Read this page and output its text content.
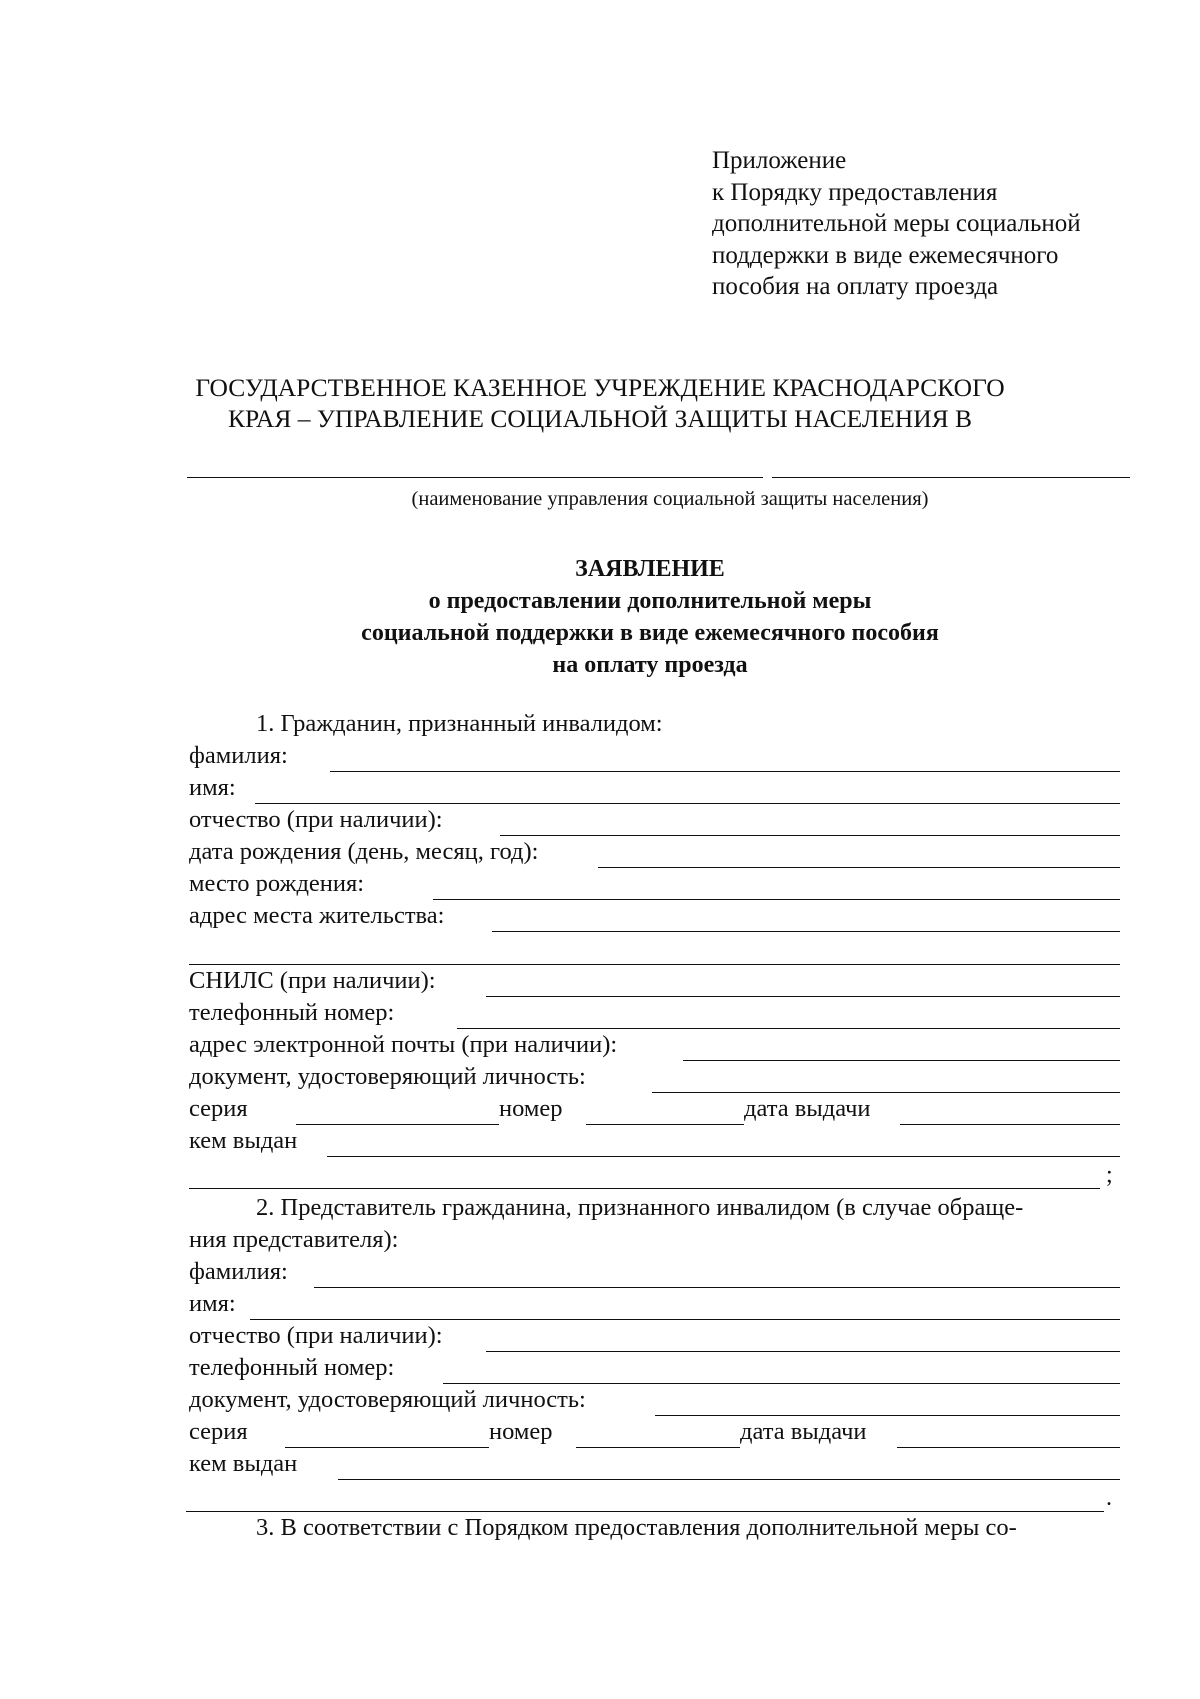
Приложение
к Порядку предоставления
дополнительной меры социальной
поддержки в виде ежемесячного
пособия на оплату проезда
ГОСУДАРСТВЕННОЕ КАЗЕННОЕ УЧРЕЖДЕНИЕ КРАСНОДАРСКОГО
КРАЯ – УПРАВЛЕНИЕ СОЦИАЛЬНОЙ ЗАЩИТЫ НАСЕЛЕНИЯ В
(наименование управления социальной защиты населения)
ЗАЯВЛЕНИЕ
о предоставлении дополнительной меры
социальной поддержки в виде ежемесячного пособия
на оплату проезда
1. Гражданин, признанный инвалидом:
фамилия:
имя:
отчество (при наличии):
дата рождения (день, месяц, год):
место рождения:
адрес места жительства:
СНИЛС (при наличии):
телефонный номер:
адрес электронной почты (при наличии):
документ, удостоверяющий личность:
серия	номер	дата выдачи
кем выдан
;
2. Представитель гражданина, признанного инвалидом (в случае обраще-
ния представителя):
фамилия:
имя:
отчество (при наличии):
телефонный номер:
документ, удостоверяющий личность:
серия	номер	дата выдачи
кем выдан
.
3. В соответствии с Порядком предоставления дополнительной меры со-
